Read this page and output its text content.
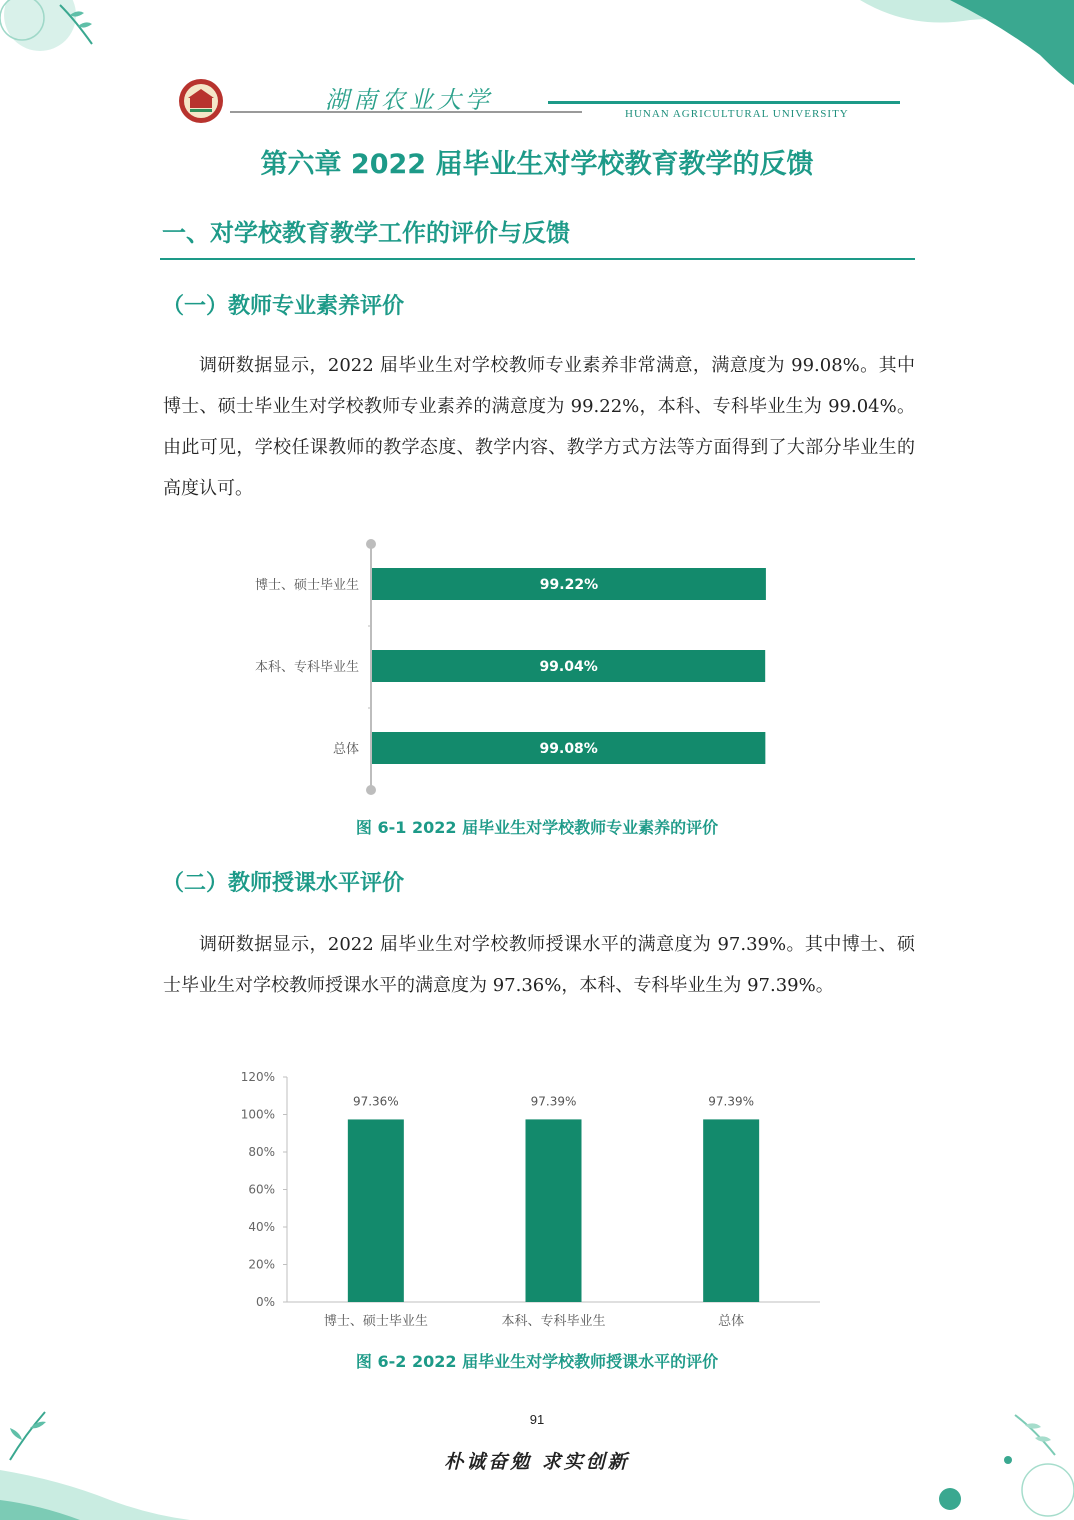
湖南农业大学	HUNAN AGRICULTURAL UNIVERSITY
第六章 2022 届毕业生对学校教育教学的反馈
一、对学校教育教学工作的评价与反馈
（一）教师专业素养评价

调研数据显示，2022 届毕业生对学校教师专业素养非常满意，满意度为 99.08%。其中博士、硕士毕业生对学校教师专业素养的满意度为 99.22%，本科、专科毕业生为 99.04%。由此可见，学校任课教师的教学态度、教学内容、教学方式方法等方面得到了大部分毕业生的高度认可。

博士、硕士毕业生	99.22%
本科、专科毕业生	99.04%
总体	99.08%
图 6-1 2022 届毕业生对学校教师专业素养的评价
（二）教师授课水平评价

调研数据显示，2022 届毕业生对学校教师授课水平的满意度为 97.39%。其中博士、硕士毕业生对学校教师授课水平的满意度为 97.36%，本科、专科毕业生为 97.39%。

0%
20%
40%
60%
80%
100%
120%
97.36%
博士、硕士毕业生
97.39%
本科、专科毕业生
97.39%
总体
图 6-2 2022 届毕业生对学校教师授课水平的评价
91
朴诚奋勉 求实创新
